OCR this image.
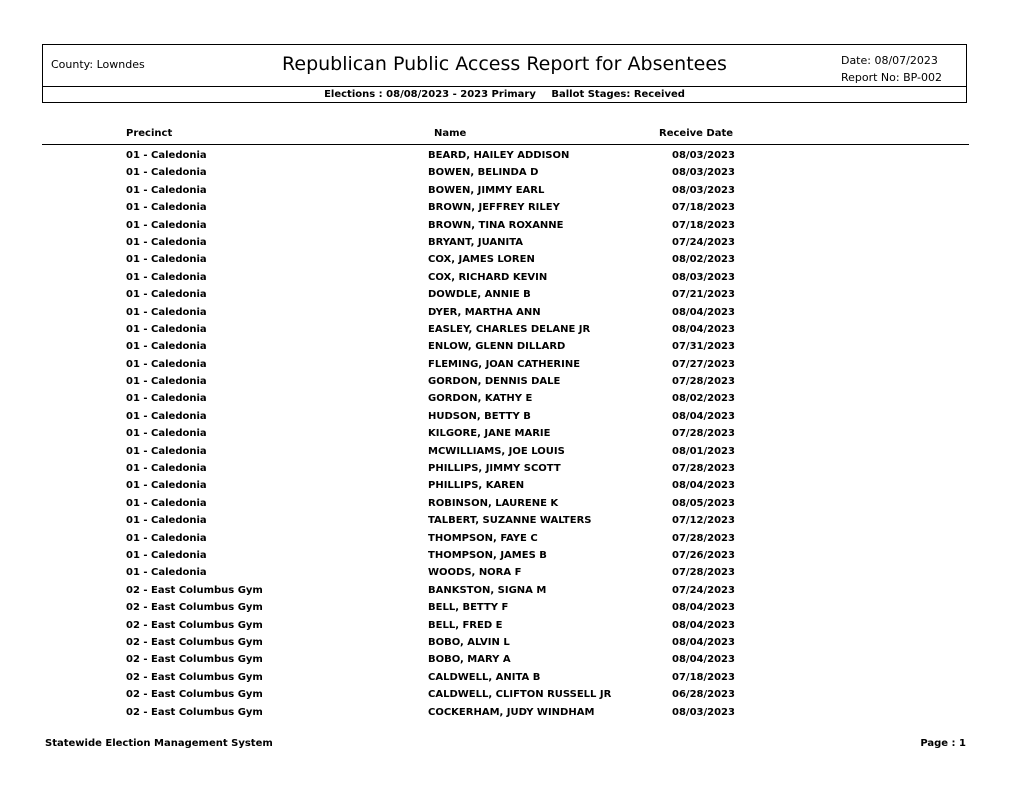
County: Lowndes	Republican Public Access Report for Absentees	Date: 08/07/2023
Report No: BP-002
Elections : 08/08/2023 - 2023 Primary Ballot Stages: Received
Precinct	Name	Receive Date
01 - Caledonia	BEARD, HAILEY ADDISON	08/03/2023
01 - Caledonia	BOWEN, BELINDA D	08/03/2023
01 - Caledonia	BOWEN, JIMMY EARL	08/03/2023
01 - Caledonia	BROWN, JEFFREY RILEY	07/18/2023
01 - Caledonia	BROWN, TINA ROXANNE	07/18/2023
01 - Caledonia	BRYANT, JUANITA	07/24/2023
01 - Caledonia	COX, JAMES LOREN	08/02/2023
01 - Caledonia	COX, RICHARD KEVIN	08/03/2023
01 - Caledonia	DOWDLE, ANNIE B	07/21/2023
01 - Caledonia	DYER, MARTHA ANN	08/04/2023
01 - Caledonia	EASLEY, CHARLES DELANE JR	08/04/2023
01 - Caledonia	ENLOW, GLENN DILLARD	07/31/2023
01 - Caledonia	FLEMING, JOAN CATHERINE	07/27/2023
01 - Caledonia	GORDON, DENNIS DALE	07/28/2023
01 - Caledonia	GORDON, KATHY E	08/02/2023
01 - Caledonia	HUDSON, BETTY B	08/04/2023
01 - Caledonia	KILGORE, JANE MARIE	07/28/2023
01 - Caledonia	MCWILLIAMS, JOE LOUIS	08/01/2023
01 - Caledonia	PHILLIPS, JIMMY SCOTT	07/28/2023
01 - Caledonia	PHILLIPS, KAREN	08/04/2023
01 - Caledonia	ROBINSON, LAURENE K	08/05/2023
01 - Caledonia	TALBERT, SUZANNE WALTERS	07/12/2023
01 - Caledonia	THOMPSON, FAYE C	07/28/2023
01 - Caledonia	THOMPSON, JAMES B	07/26/2023
01 - Caledonia	WOODS, NORA F	07/28/2023
02 - East Columbus Gym	BANKSTON, SIGNA M	07/24/2023
02 - East Columbus Gym	BELL, BETTY F	08/04/2023
02 - East Columbus Gym	BELL, FRED E	08/04/2023
02 - East Columbus Gym	BOBO, ALVIN L	08/04/2023
02 - East Columbus Gym	BOBO, MARY A	08/04/2023
02 - East Columbus Gym	CALDWELL, ANITA B	07/18/2023
02 - East Columbus Gym	CALDWELL, CLIFTON RUSSELL JR	06/28/2023
02 - East Columbus Gym	COCKERHAM, JUDY WINDHAM	08/03/2023
Statewide Election Management System	Page : 1
